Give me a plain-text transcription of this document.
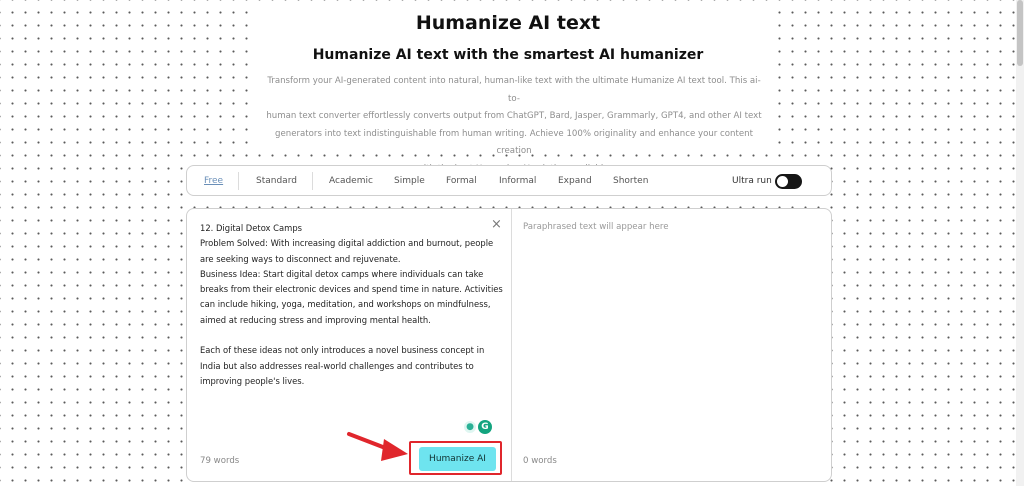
Humanize AI text
Humanize AI text with the smartest AI humanizer
Transform your AI-generated content into natural, human-like text with the ultimate Humanize AI text tool. This ai-to-
human text converter effortlessly converts output from ChatGPT, Bard, Jasper, Grammarly, GPT4, and other AI text
generators into text indistinguishable from human writing. Achieve 100% originality and enhance your content creation
Free	Standard	Academic Simple Formal Informal Expand Shorten	Ultra run
12. Digital Detox Camps
Problem Solved: With increasing digital addiction and burnout, people
are seeking ways to disconnect and rejuvenate.
Business Idea: Start digital detox camps where individuals can take
breaks from their electronic devices and spend time in nature. Activities
can include hiking, yoga, meditation, and workshops on mindfulness,
aimed at reducing stress and improving mental health.
Each of these ideas not only introduces a novel business concept in
India but also addresses real-world challenges and contributes to
improving people's lives.
×
● G
79 words
Paraphrased text will appear here
0 words
Humanize AI
